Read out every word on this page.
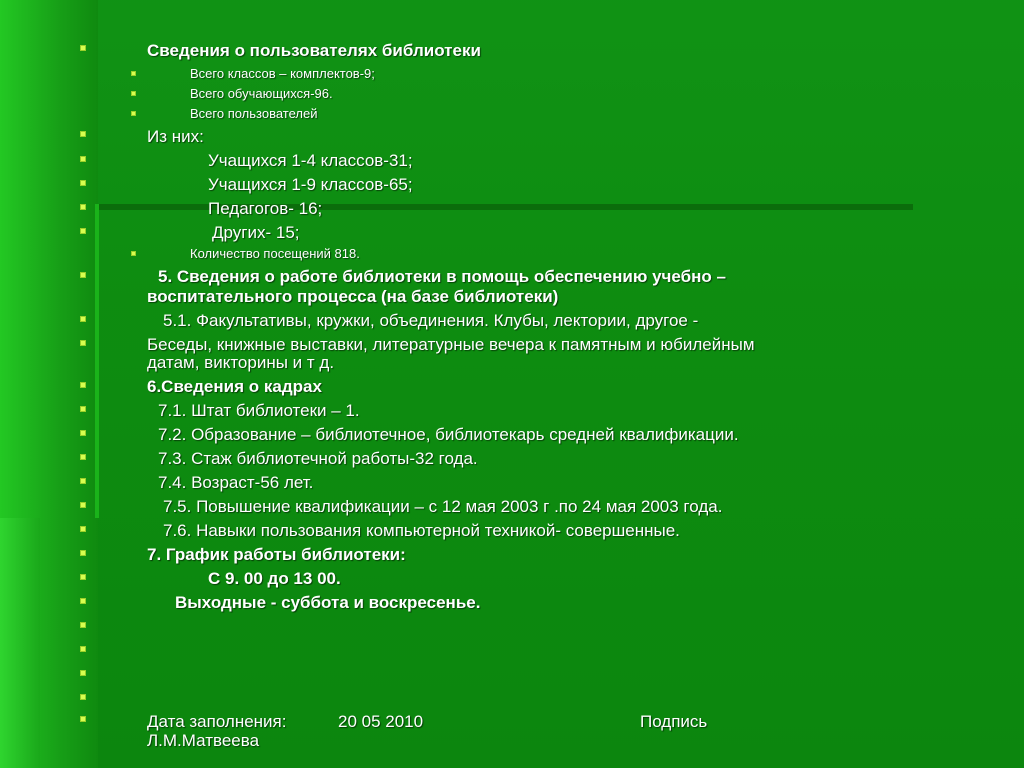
Сведения о пользователях библиотеки
Всего классов – комплектов-9;
Всего обучающихся-96.
Всего пользователей
Из них:
Учащихся 1-4 классов-31;
Учащихся 1-9 классов-65;
Педагогов- 16;
Других- 15;
Количество посещений 818.
5. Сведения о работе библиотеки в помощь обеспечению учебно –
воспитательного процесса (на базе библиотеки)
5.1. Факультативы, кружки, объединения. Клубы, лектории, другое -
Беседы, книжные выставки, литературные вечера к памятным и юбилейным
датам, викторины и т д.
6.Сведения о кадрах
7.1. Штат библиотеки – 1.
7.2. Образование – библиотечное, библиотекарь средней квалификации.
7.3. Стаж библиотечной работы-32 года.
7.4. Возраст-56 лет.
7.5. Повышение квалификации – с 12 мая 2003 г .по 24 мая 2003 года.
7.6. Навыки пользования компьютерной техникой- совершенные.
7. График работы библиотеки:
С 9. 00 до 13 00.
Выходные - суббота и воскресенье.
Дата заполнения:	20 05 2010	Подпись
Л.М.Матвеева
